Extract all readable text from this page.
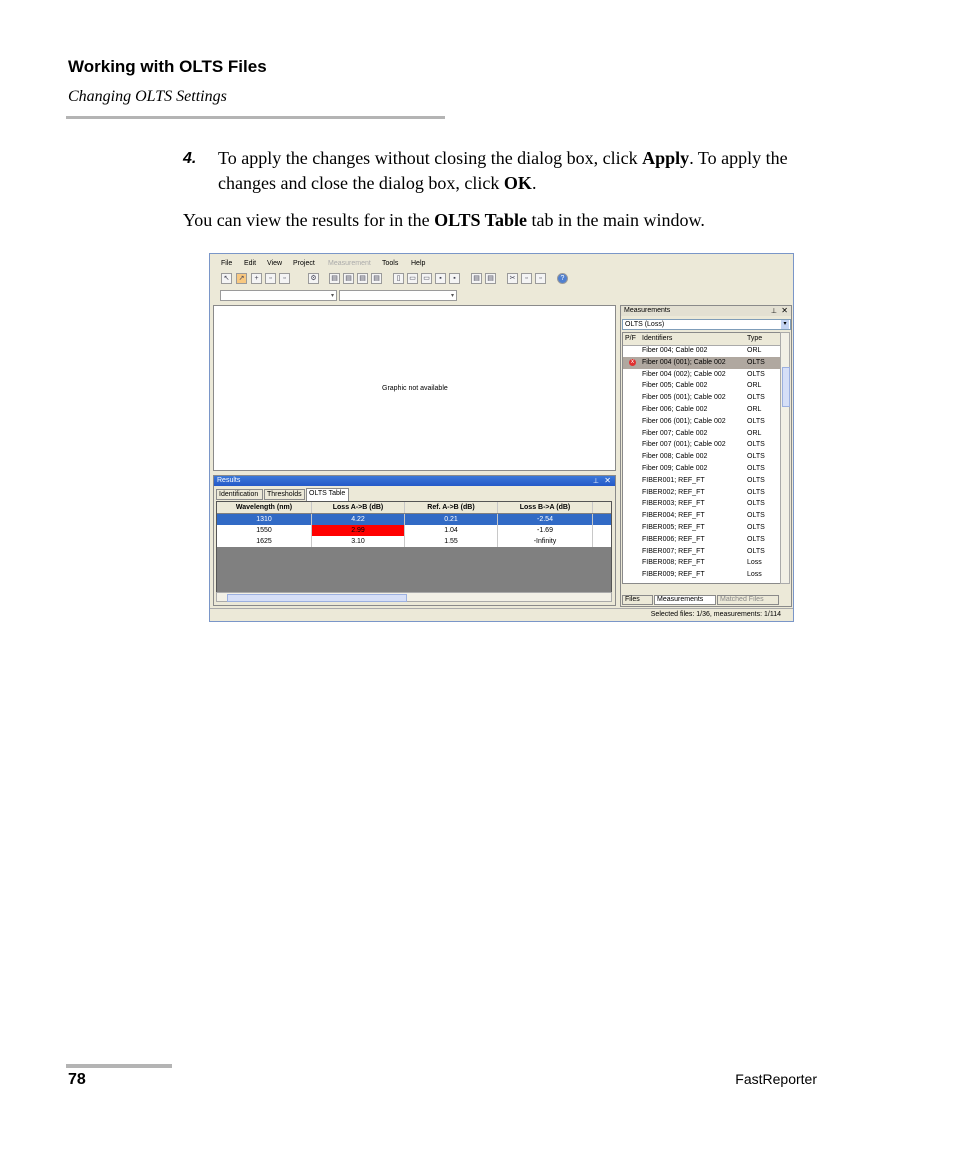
Working with OLTS Files
Changing OLTS Settings
4. To apply the changes without closing the dialog box, click Apply. To apply the changes and close the dialog box, click OK.
You can view the results for in the OLTS Table tab in the main window.
File Edit View Project Measurement Tools Help
↖	↗	+	▫	▫	⚙	▤	▤	▤	▤	▯	▭	▭	▪	▪	▤	▤	✂	▫	▫	?
▾	▾
Graphic not available
Results	⊥ ✕
Identification	Thresholds	OLTS Table
Wavelength (nm)	Loss A->B (dB)	Ref. A->B (dB)	Loss B->A (dB)
1310	4.22	0.21	-2.54
1550	2.99	1.04	-1.69
1625	3.10	1.55	-Infinity
Measurements	⊥ ✕
OLTS (Loss)	▾
P/F Identifiers	Type
Fiber 004; Cable 002	ORL
x Fiber 004 (001); Cable 002	OLTS
Fiber 004 (002); Cable 002	OLTS
Fiber 005; Cable 002	ORL
Fiber 005 (001); Cable 002	OLTS
Fiber 006; Cable 002	ORL
Fiber 006 (001); Cable 002	OLTS
Fiber 007; Cable 002	ORL
Fiber 007 (001); Cable 002	OLTS
Fiber 008; Cable 002	OLTS
Fiber 009; Cable 002	OLTS
FIBER001; REF_FT	OLTS
FIBER002; REF_FT	OLTS
FIBER003; REF_FT	OLTS
FIBER004; REF_FT	OLTS
FIBER005; REF_FT	OLTS
FIBER006; REF_FT	OLTS
FIBER007; REF_FT	OLTS
FIBER008; REF_FT	Loss
FIBER009; REF_FT	Loss
Files	Measurements	Matched Files
Selected files: 1/36, measurements: 1/114
78	FastReporter
